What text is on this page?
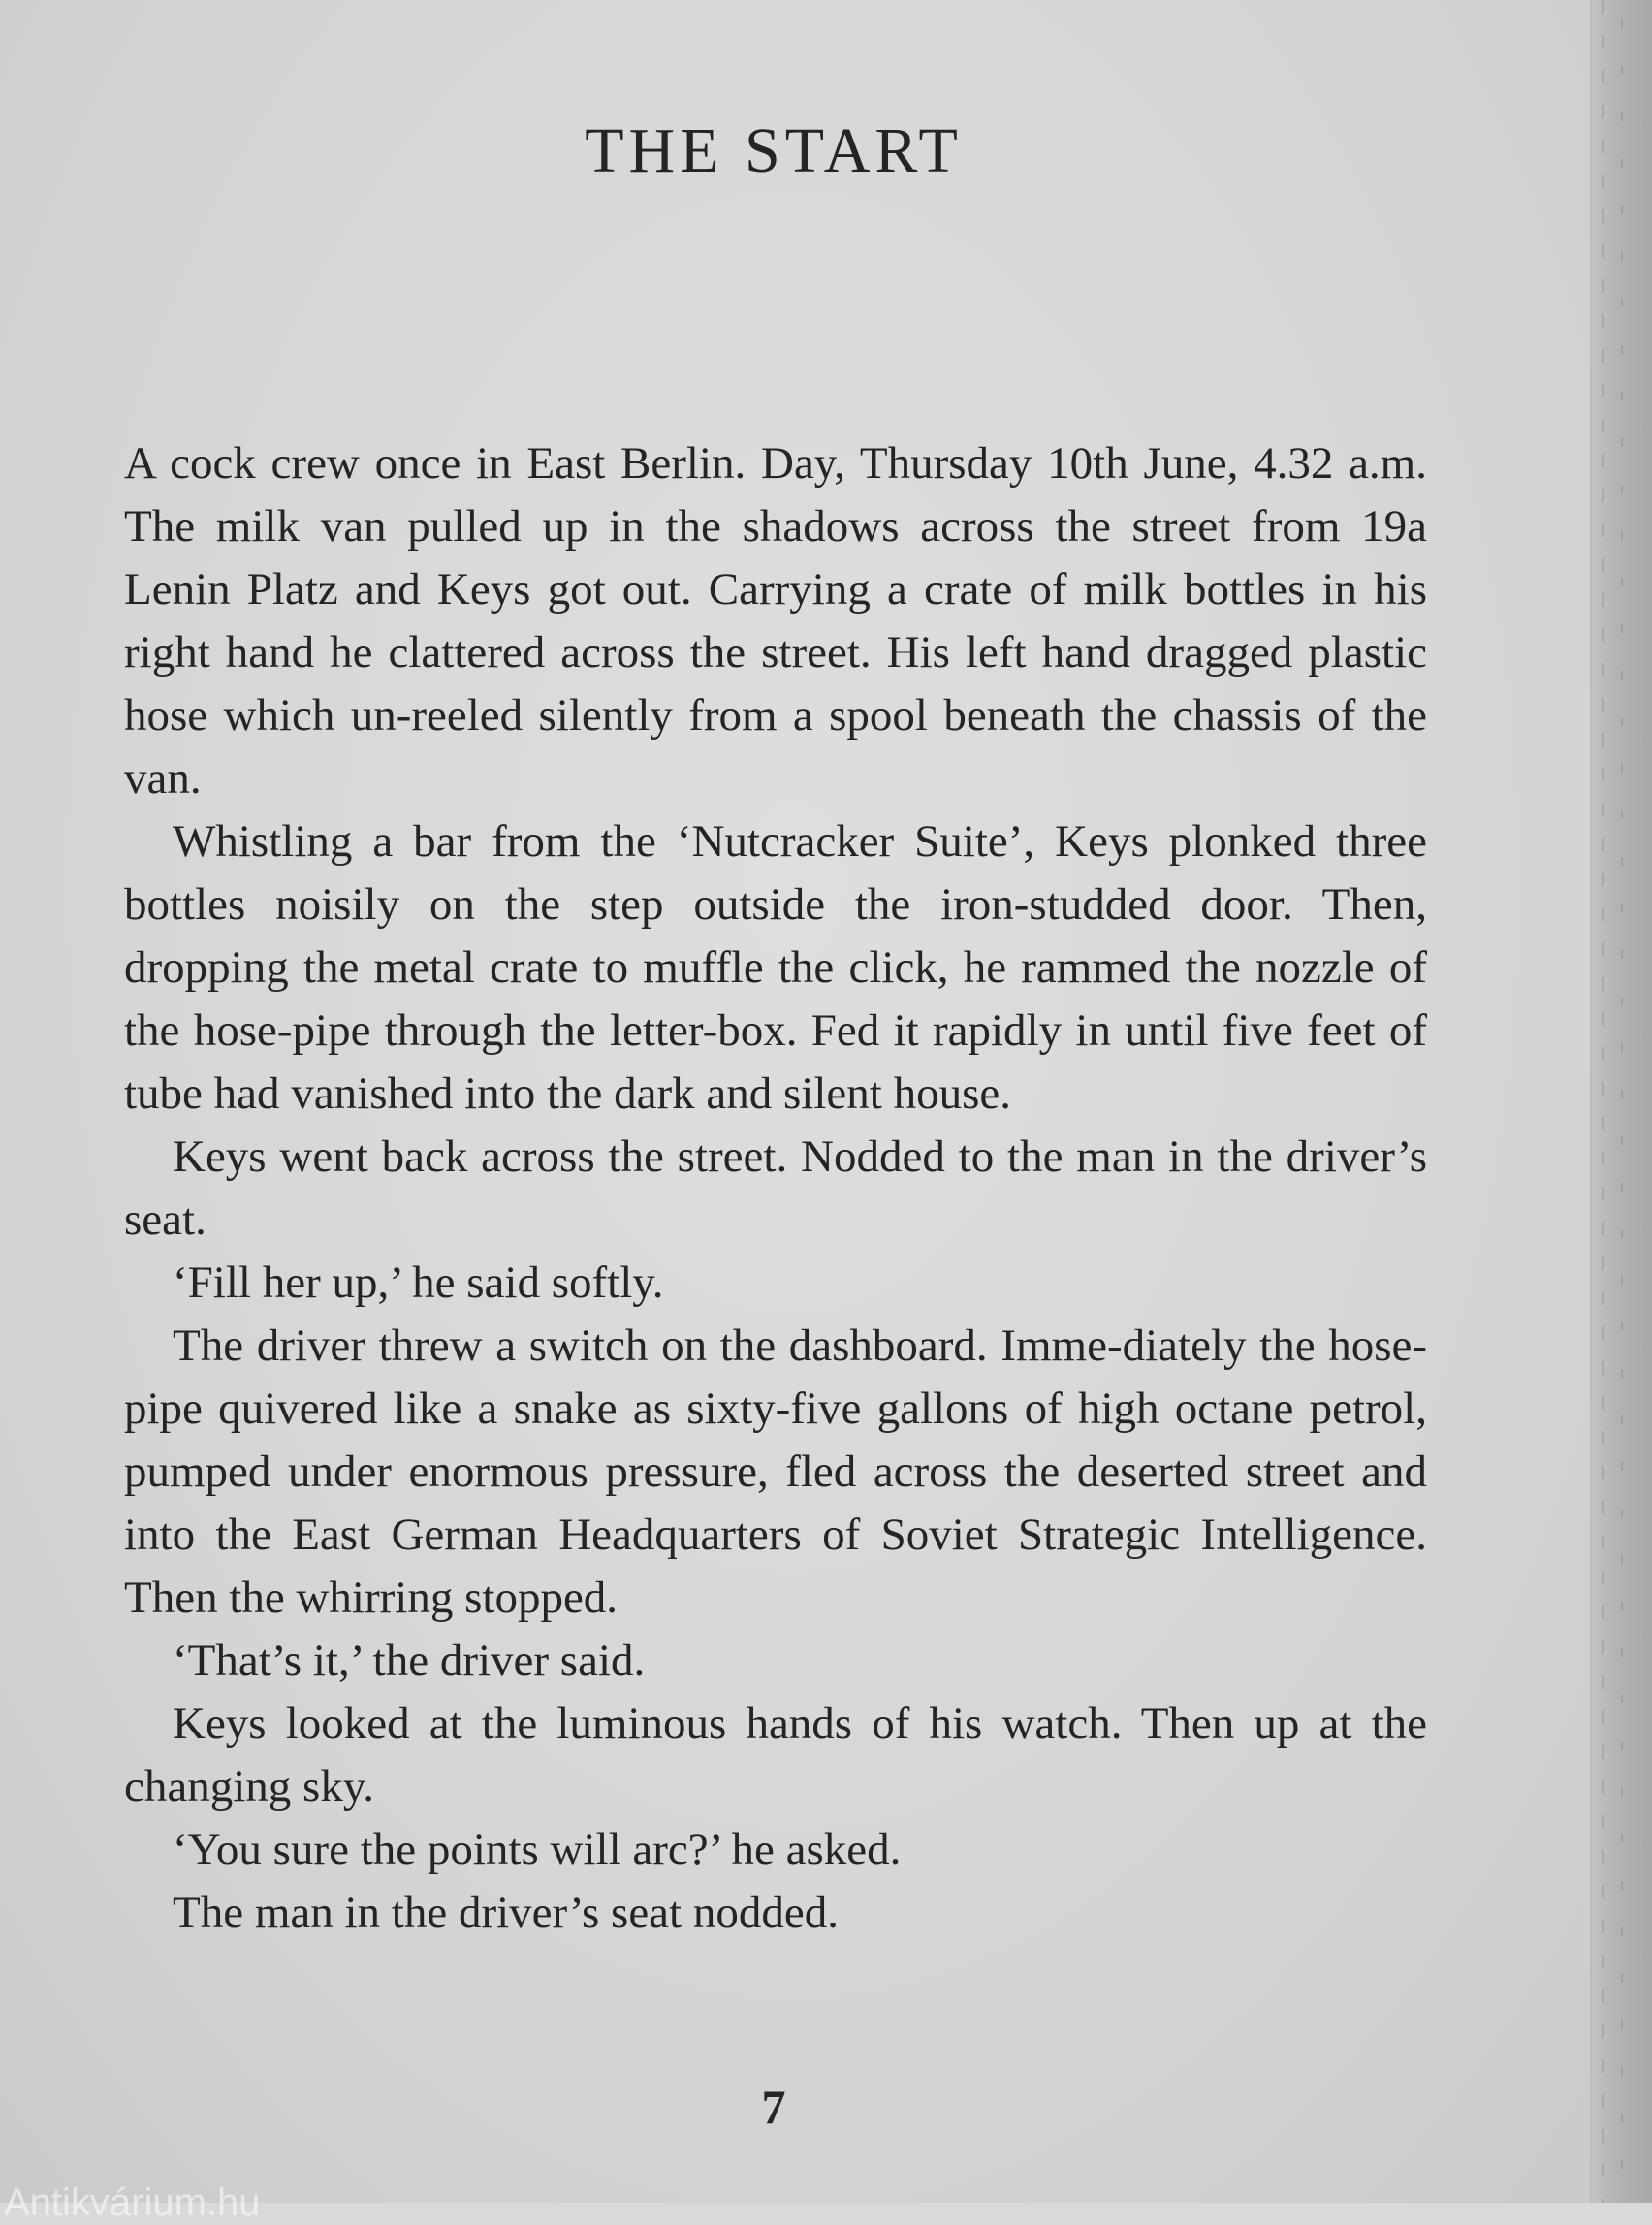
THE START

A cock crew once in East Berlin. Day, Thursday 10th June, 4.32 a.m. The milk van pulled up in the shadows across the street from 19a Lenin Platz and Keys got out. Carrying a crate of milk bottles in his right hand he clattered across the street. His left hand dragged plastic hose which un-reeled silently from a spool beneath the chassis of the van.

Whistling a bar from the ‘Nutcracker Suite’, Keys plonked three bottles noisily on the step outside the iron-studded door. Then, dropping the metal crate to muffle the click, he rammed the nozzle of the hose-pipe through the letter-box. Fed it rapidly in until five feet of tube had vanished into the dark and silent house.

Keys went back across the street. Nodded to the man in the driver’s seat.

‘Fill her up,’ he said softly.

The driver threw a switch on the dashboard. Imme-diately the hose-pipe quivered like a snake as sixty-five gallons of high octane petrol, pumped under enormous pressure, fled across the deserted street and into the East German Headquarters of Soviet Strategic Intelligence. Then the whirring stopped.

‘That’s it,’ the driver said.

Keys looked at the luminous hands of his watch. Then up at the changing sky.

‘You sure the points will arc?’ he asked.

The man in the driver’s seat nodded.

7
Antikvárium.hu
